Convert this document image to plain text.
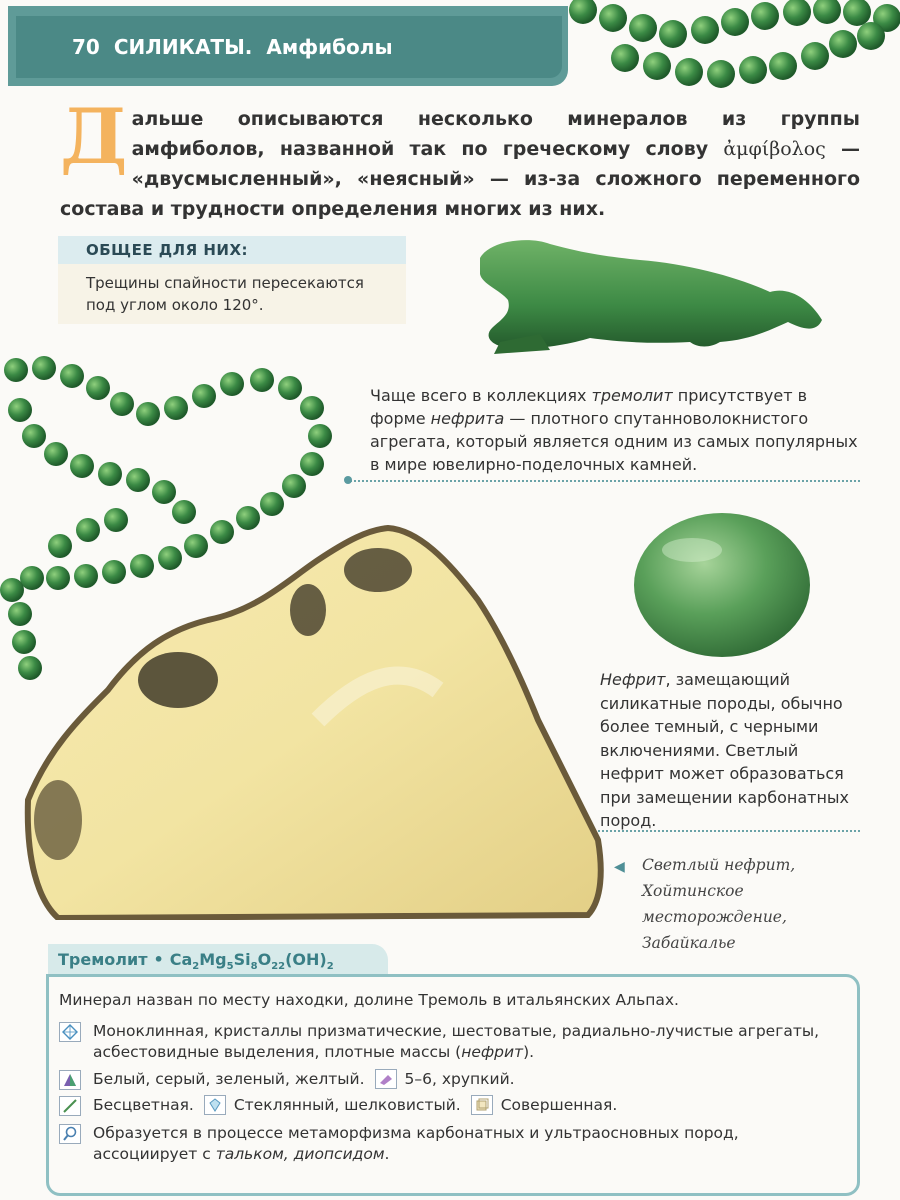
70 СИЛИКАТЫ. Амфиболы
Дальше описываются несколько минералов из группы амфиболов, названной так по греческому слову ἀμφίβολος — «двусмысленный», «неясный» — из-за сложного переменного состава и трудности определения многих из них.
ОБЩЕЕ ДЛЯ НИХ:
Трещины спайности пересекаются
под углом около 120°.
Чаще всего в коллекциях тремолит присутствует в форме нефрита — плотного спутанноволокнистого агрегата, который является одним из самых популярных в мире ювелирно-поделочных камней.
Нефрит, замещающий силикатные породы, обычно более темный, с черными включениями. Светлый нефрит может образоваться при замещении карбонатных пород.
◀	Светлый нефрит,
Хойтинское месторождение,
Забайкалье
Тремолит • $Ca_2Mg_5Si_8O_{22}(OH)_2$
Минерал назван по месту находки, долине Тремоль в итальянских Альпах.
Моноклинная, кристаллы призматические, шестоватые, радиально-лучистые агрегаты, асбестовидные выделения, плотные массы (нефрит).
Белый, серый, зеленый, желтый.	5–6, хрупкий.
Бесцветная.	Стеклянный, шелковистый.	Совершенная.
Образуется в процессе метаморфизма карбонатных и ультраосновных пород, ассоциирует с тальком, диопсидом.
